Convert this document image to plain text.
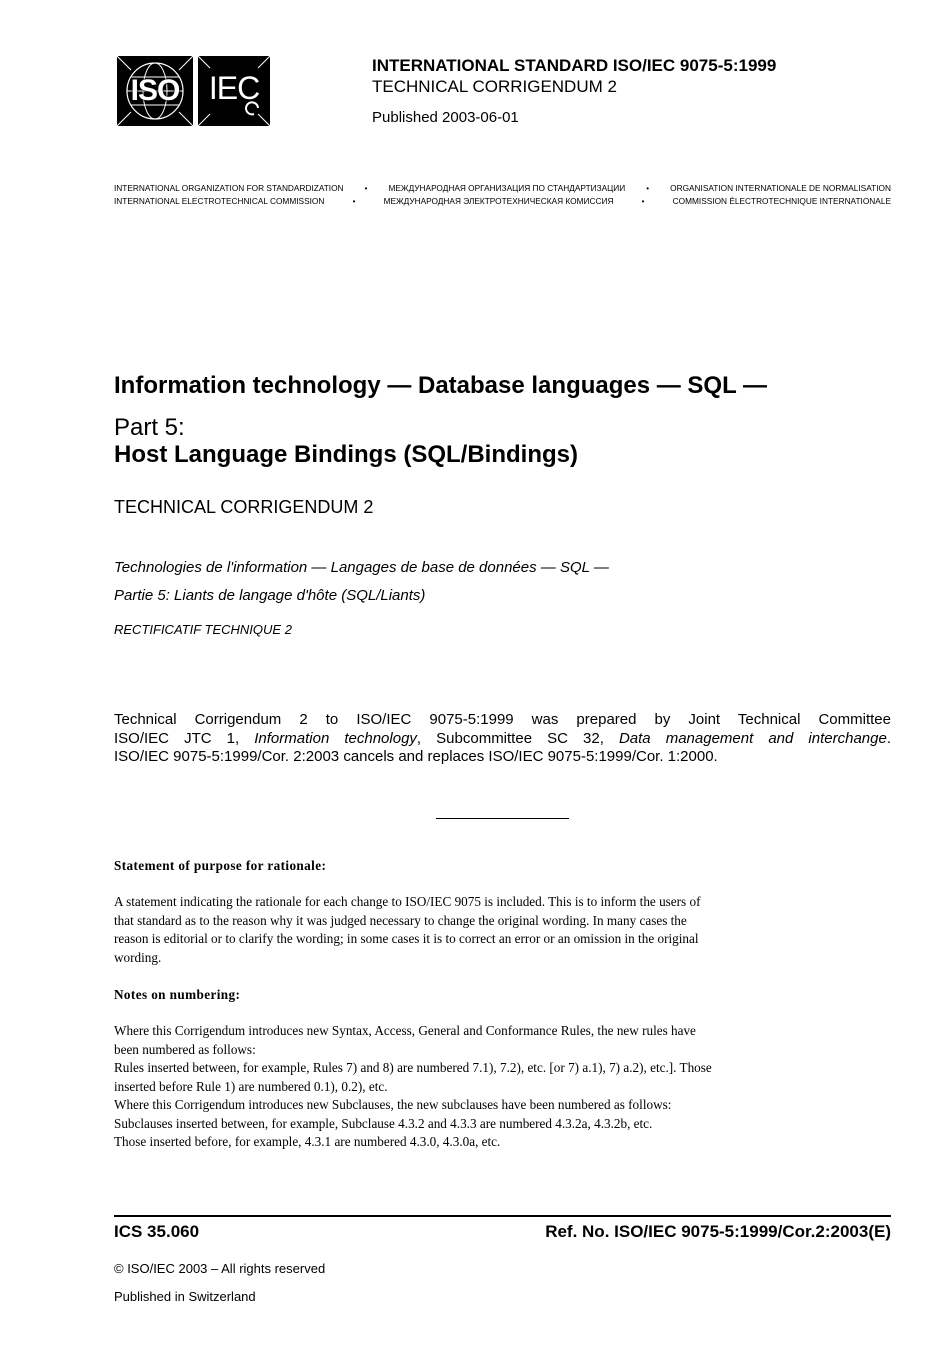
ISO IEC
INTERNATIONAL STANDARD ISO/IEC 9075-5:1999
TECHNICAL CORRIGENDUM 2
Published 2003-06-01
INTERNATIONAL ORGANIZATION FOR STANDARDIZATION	•	МЕЖДУНАРОДНАЯ ОРГАНИЗАЦИЯ ПО СТАНДАРТИЗАЦИИ	•	ORGANISATION INTERNATIONALE DE NORMALISATION
INTERNATIONAL ELECTROTECHNICAL COMMISSION	•	МЕЖДУНАРОДНАЯ ЭЛЕКТРОТЕХНИЧЕСКАЯ КОМИССИЯ	•	COMMISSION ÉLECTROTECHNIQUE INTERNATIONALE
Information technology — Database languages — SQL —
Part 5:
Host Language Bindings (SQL/Bindings)
TECHNICAL CORRIGENDUM 2
Technologies de l'information — Langages de base de données — SQL —
Partie 5: Liants de langage d'hôte (SQL/Liants)
RECTIFICATIF TECHNIQUE 2
Technical Corrigendum 2 to ISO/IEC 9075-5:1999 was prepared by Joint Technical Committee
ISO/IEC JTC 1, Information technology, Subcommittee SC 32, Data management and interchange.
ISO/IEC 9075-5:1999/Cor. 2:2003 cancels and replaces ISO/IEC 9075-5:1999/Cor. 1:2000.
Statement of purpose for rationale:
A statement indicating the rationale for each change to ISO/IEC 9075 is included. This is to inform the users of
that standard as to the reason why it was judged necessary to change the original wording. In many cases the
reason is editorial or to clarify the wording; in some cases it is to correct an error or an omission in the original
wording.
Notes on numbering:
Where this Corrigendum introduces new Syntax, Access, General and Conformance Rules, the new rules have
been numbered as follows:
Rules inserted between, for example, Rules 7) and 8) are numbered 7.1), 7.2), etc. [or 7) a.1), 7) a.2), etc.]. Those
inserted before Rule 1) are numbered 0.1), 0.2), etc.
Where this Corrigendum introduces new Subclauses, the new subclauses have been numbered as follows:
Subclauses inserted between, for example, Subclause 4.3.2 and 4.3.3 are numbered 4.3.2a, 4.3.2b, etc.
Those inserted before, for example, 4.3.1 are numbered 4.3.0, 4.3.0a, etc.
ICS 35.060	Ref. No. ISO/IEC 9075-5:1999/Cor.2:2003(E)
© ISO/IEC 2003 – All rights reserved
Published in Switzerland
